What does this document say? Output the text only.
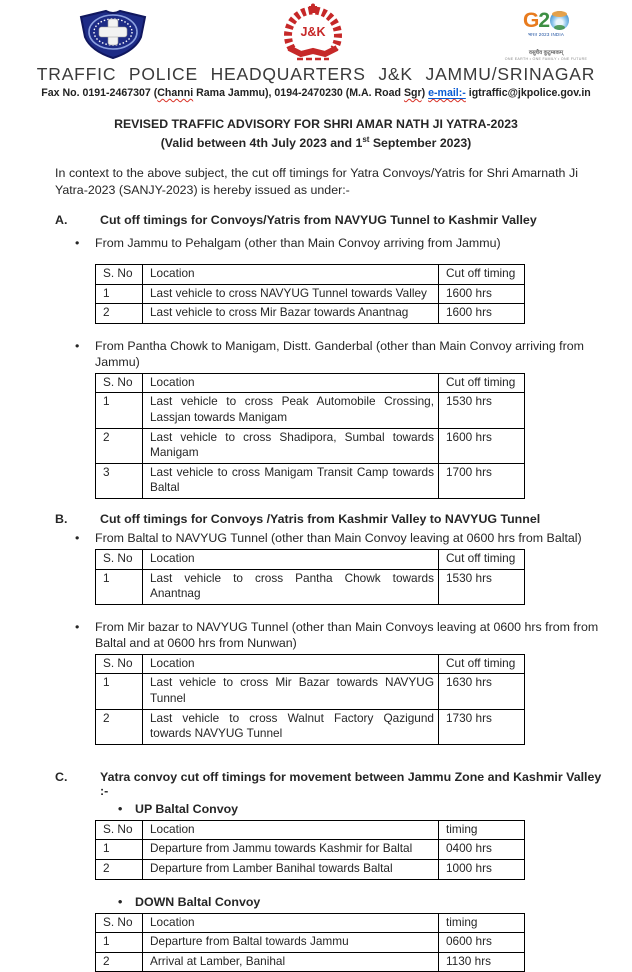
J&K	G 2
भारत 2023 INDIA
वसुधैव कुटुम्बकम्
ONE EARTH • ONE FAMILY • ONE FUTURE
TRAFFIC POLICE HEADQUARTERS J&K JAMMU/SRINAGAR
Fax No. 0191-2467307 (Channi Rama Jammu), 0194-2470230 (M.A. Road Sgr) e-mail:- igtraffic@jkpolice.gov.in
REVISED TRAFFIC ADVISORY FOR SHRI AMAR NATH JI YATRA-2023
(Valid between 4th July 2023 and 1st September 2023)

In context to the above subject, the cut off timings for Yatra Convoys/Yatris for Shri Amarnath Ji Yatra-2023 (SANJY-2023) is hereby issued as under:-

A.	Cut off timings for Convoys/Yatris from NAVYUG Tunnel to Kashmir Valley
•	From Jammu to Pehalgam (other than Main Convoy arriving from Jammu)
S. No	Location	Cut off timing
1	Last vehicle to cross NAVYUG Tunnel towards Valley	1600 hrs
2	Last vehicle to cross Mir Bazar towards Anantnag	1600 hrs
•	From Pantha Chowk to Manigam, Distt. Ganderbal (other than Main Convoy arriving from Jammu)
S. No	Location	Cut off timing
1	Last vehicle to cross Peak Automobile Crossing, Lassjan towards Manigam	1530 hrs
2	Last vehicle to cross Shadipora, Sumbal towards Manigam	1600 hrs
3	Last vehicle to cross Manigam Transit Camp towards Baltal	1700 hrs
B.	Cut off timings for Convoys /Yatris from Kashmir Valley to NAVYUG Tunnel
•	From Baltal to NAVYUG Tunnel (other than Main Convoy leaving at 0600 hrs from Baltal)
S. No	Location	Cut off timing
1	Last vehicle to cross Pantha Chowk towards Anantnag	1530 hrs
•	From Mir bazar to NAVYUG Tunnel (other than Main Convoys leaving at 0600 hrs from from Baltal and at 0600 hrs from Nunwan)
S. No	Location	Cut off timing
1	Last vehicle to cross Mir Bazar towards NAVYUG Tunnel	1630 hrs
2	Last vehicle to cross Walnut Factory Qazigund towards NAVYUG Tunnel	1730 hrs
C.	Yatra convoy cut off timings for movement between Jammu Zone and Kashmir Valley :-
•	UP Baltal Convoy
S. No	Location	timing
1	Departure from Jammu towards Kashmir for Baltal	0400 hrs
2	Departure from Lamber Banihal towards Baltal	1000 hrs
•	DOWN Baltal Convoy
S. No	Location	timing
1	Departure from Baltal towards Jammu	0600 hrs
2	Arrival at Lamber, Banihal	1130 hrs
